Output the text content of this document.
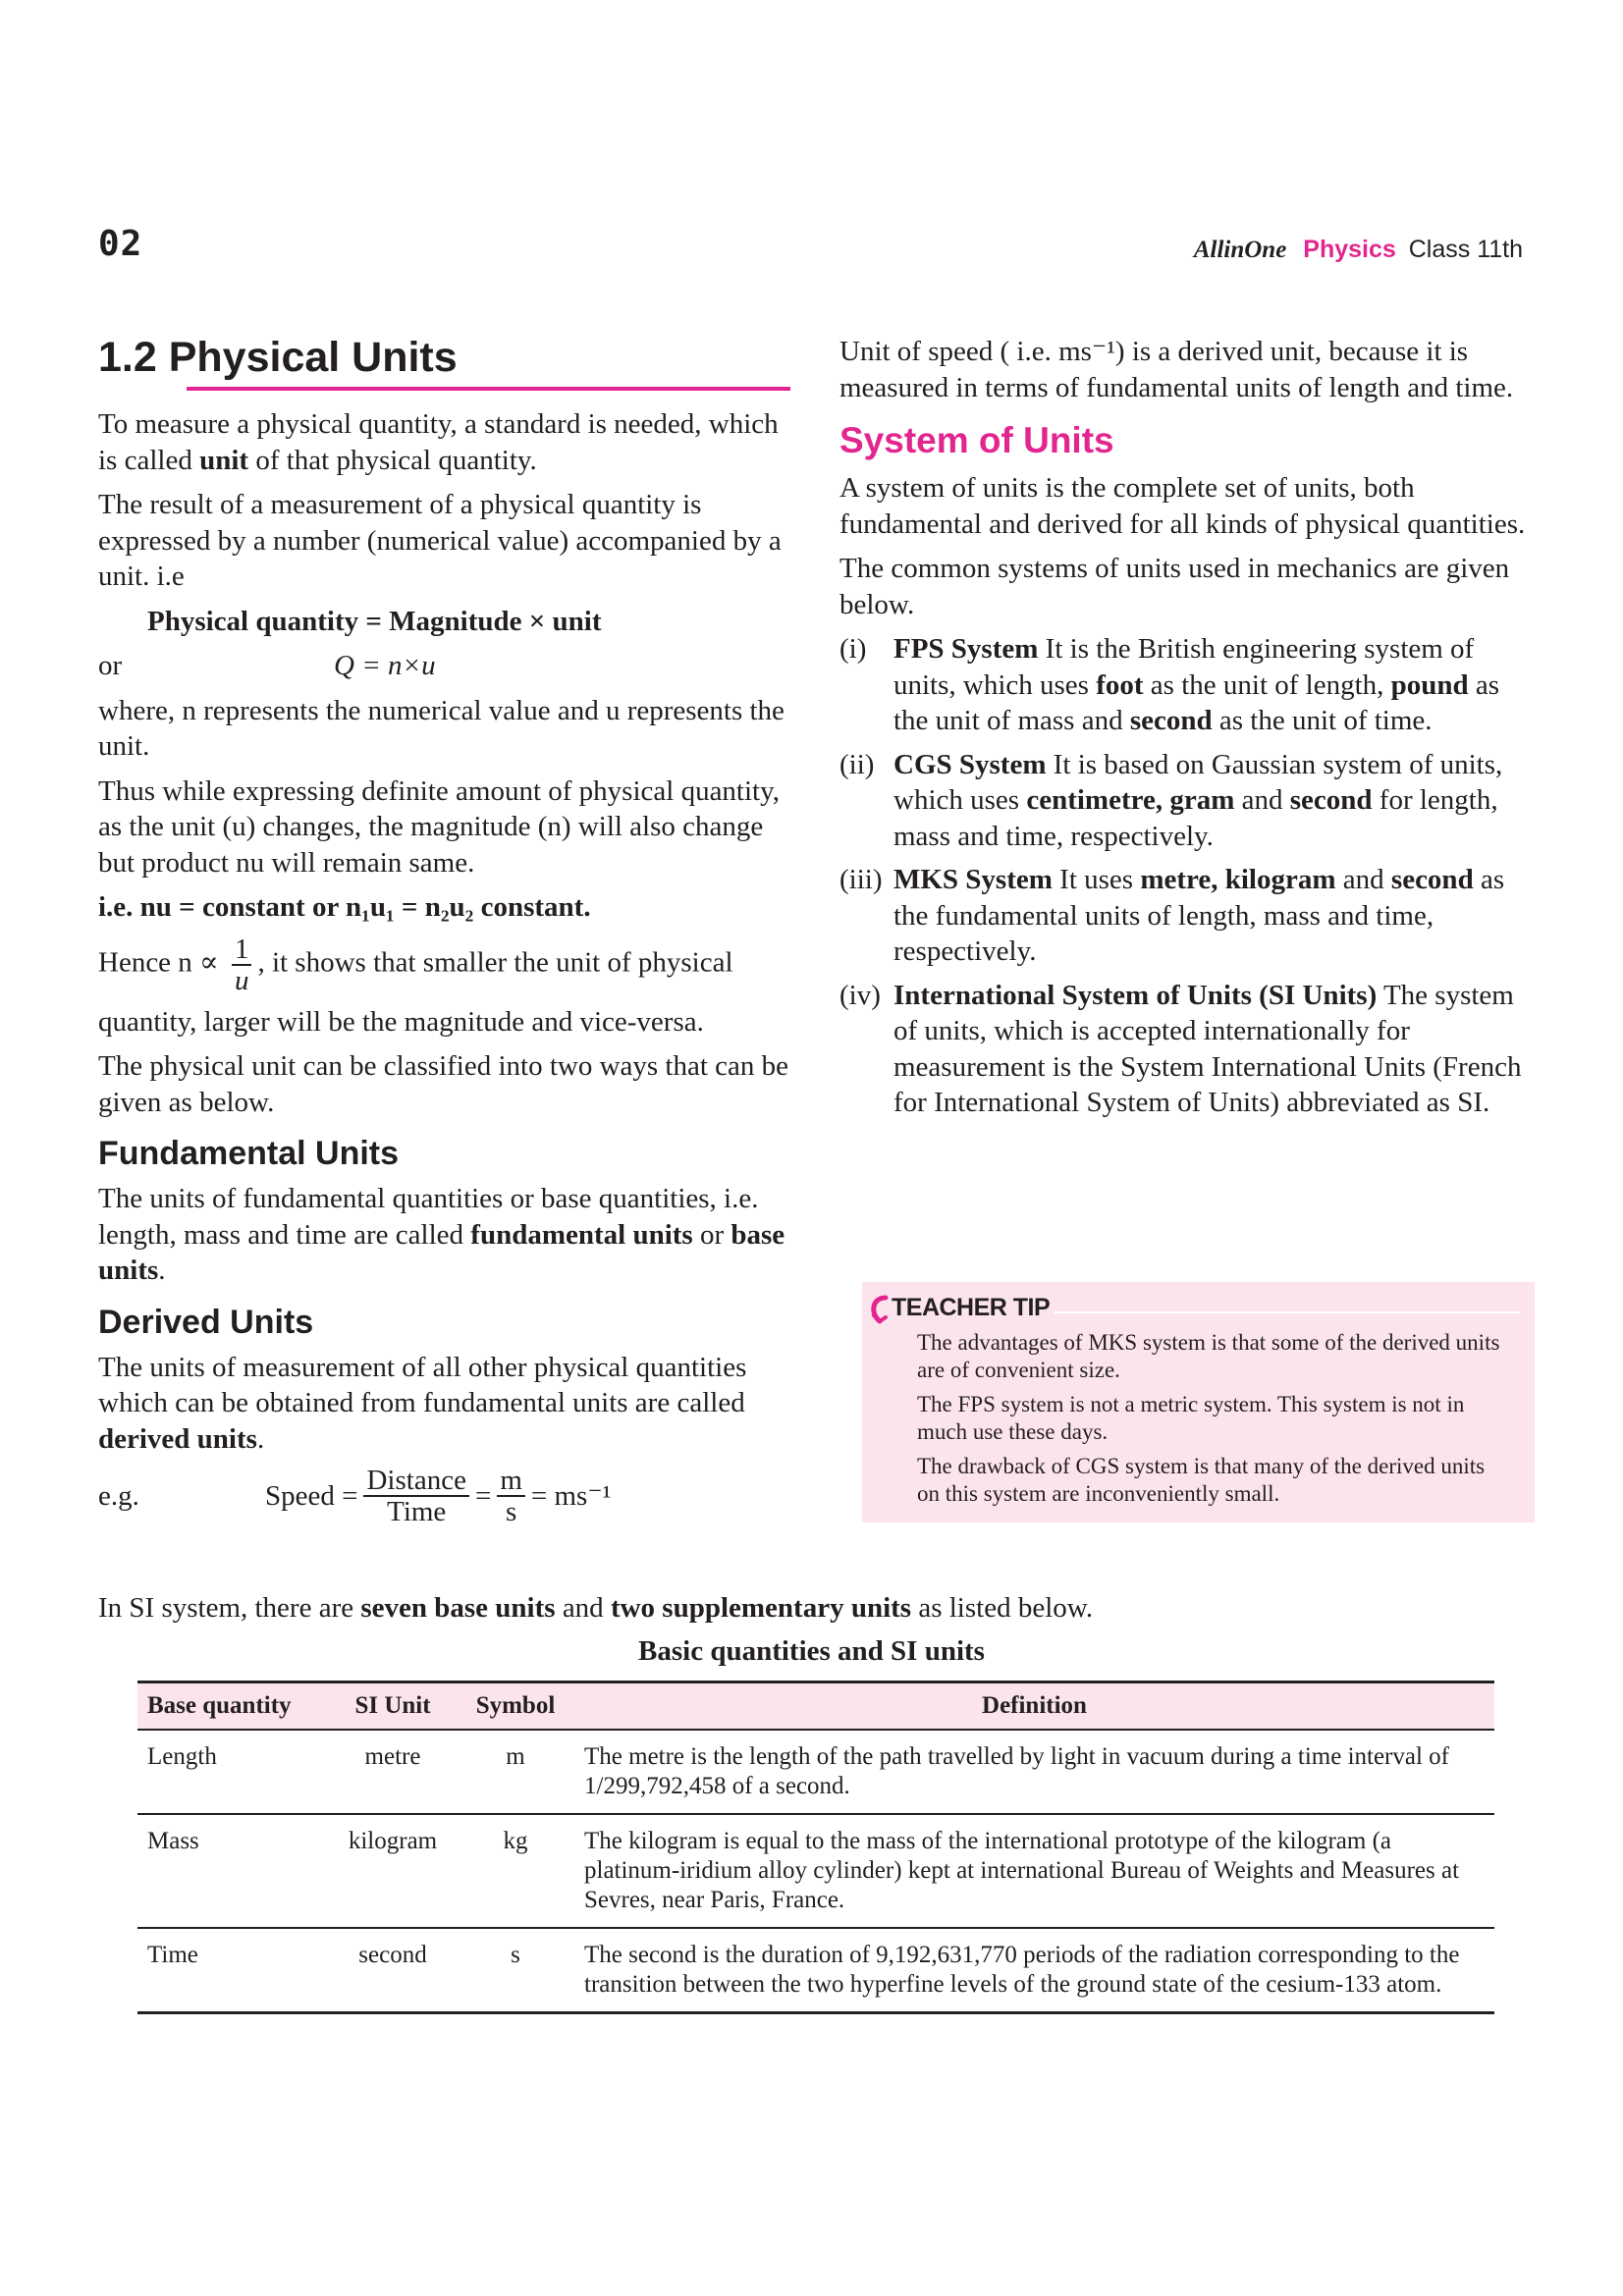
02	AllinOne Physics Class 11th
1.2 Physical Units

To measure a physical quantity, a standard is needed, which is called unit of that physical quantity.

The result of a measurement of a physical quantity is expressed by a number (numerical value) accompanied by a unit. i.e

Physical quantity = Magnitude × unit

or	Q = n×u

where, n represents the numerical value and u represents the unit.

Thus while expressing definite amount of physical quantity, as the unit (u) changes, the magnitude (n) will also change but product nu will remain same.

i.e. nu = constant or n₁u₁ = n₂u₂ constant.

Hence $n \propto \frac{1}{u}$ , it shows that smaller the unit of physical

quantity, larger will be the magnitude and vice-versa.

The physical unit can be classified into two ways that can be given as below.

Fundamental Units

The units of fundamental quantities or base quantities, i.e. length, mass and time are called fundamental units or base units.

Derived Units

The units of measurement of all other physical quantities which can be obtained from fundamental units are called derived units.

e.g.	Speed = $\frac{\text{Distance}}{\text{Time}} = \frac{m}{s} = ms^{-1}$

Unit of speed ( i.e. ms⁻¹) is a derived unit, because it is measured in terms of fundamental units of length and time.

System of Units

A system of units is the complete set of units, both fundamental and derived for all kinds of physical quantities.

The common systems of units used in mechanics are given below.

(i) FPS System It is the British engineering system of units, which uses foot as the unit of length, pound as the unit of mass and second as the unit of time.
(ii) CGS System It is based on Gaussian system of units, which uses centimetre, gram and second for length, mass and time, respectively.
(iii) MKS System It uses metre, kilogram and second as the fundamental units of length, mass and time, respectively.
(iv) International System of Units (SI Units) The system of units, which is accepted internationally for measurement is the System International Units (French for International System of Units) abbreviated as SI.
TEACHER TIP

The advantages of MKS system is that some of the derived units are of convenient size.

The FPS system is not a metric system. This system is not in much use these days.

The drawback of CGS system is that many of the derived units on this system are inconveniently small.

In SI system, there are seven base units and two supplementary units as listed below.
Basic quantities and SI units
Base quantity	SI Unit	Symbol	Definition
Length	metre	m	The metre is the length of the path travelled by light in vacuum during a time interval of 1/299,792,458 of a second.
Mass	kilogram	kg	The kilogram is equal to the mass of the international prototype of the kilogram (a platinum-iridium alloy cylinder) kept at international Bureau of Weights and Measures at Sevres, near Paris, France.
Time	second	s	The second is the duration of 9,192,631,770 periods of the radiation corresponding to the transition between the two hyperfine levels of the ground state of the cesium-133 atom.
